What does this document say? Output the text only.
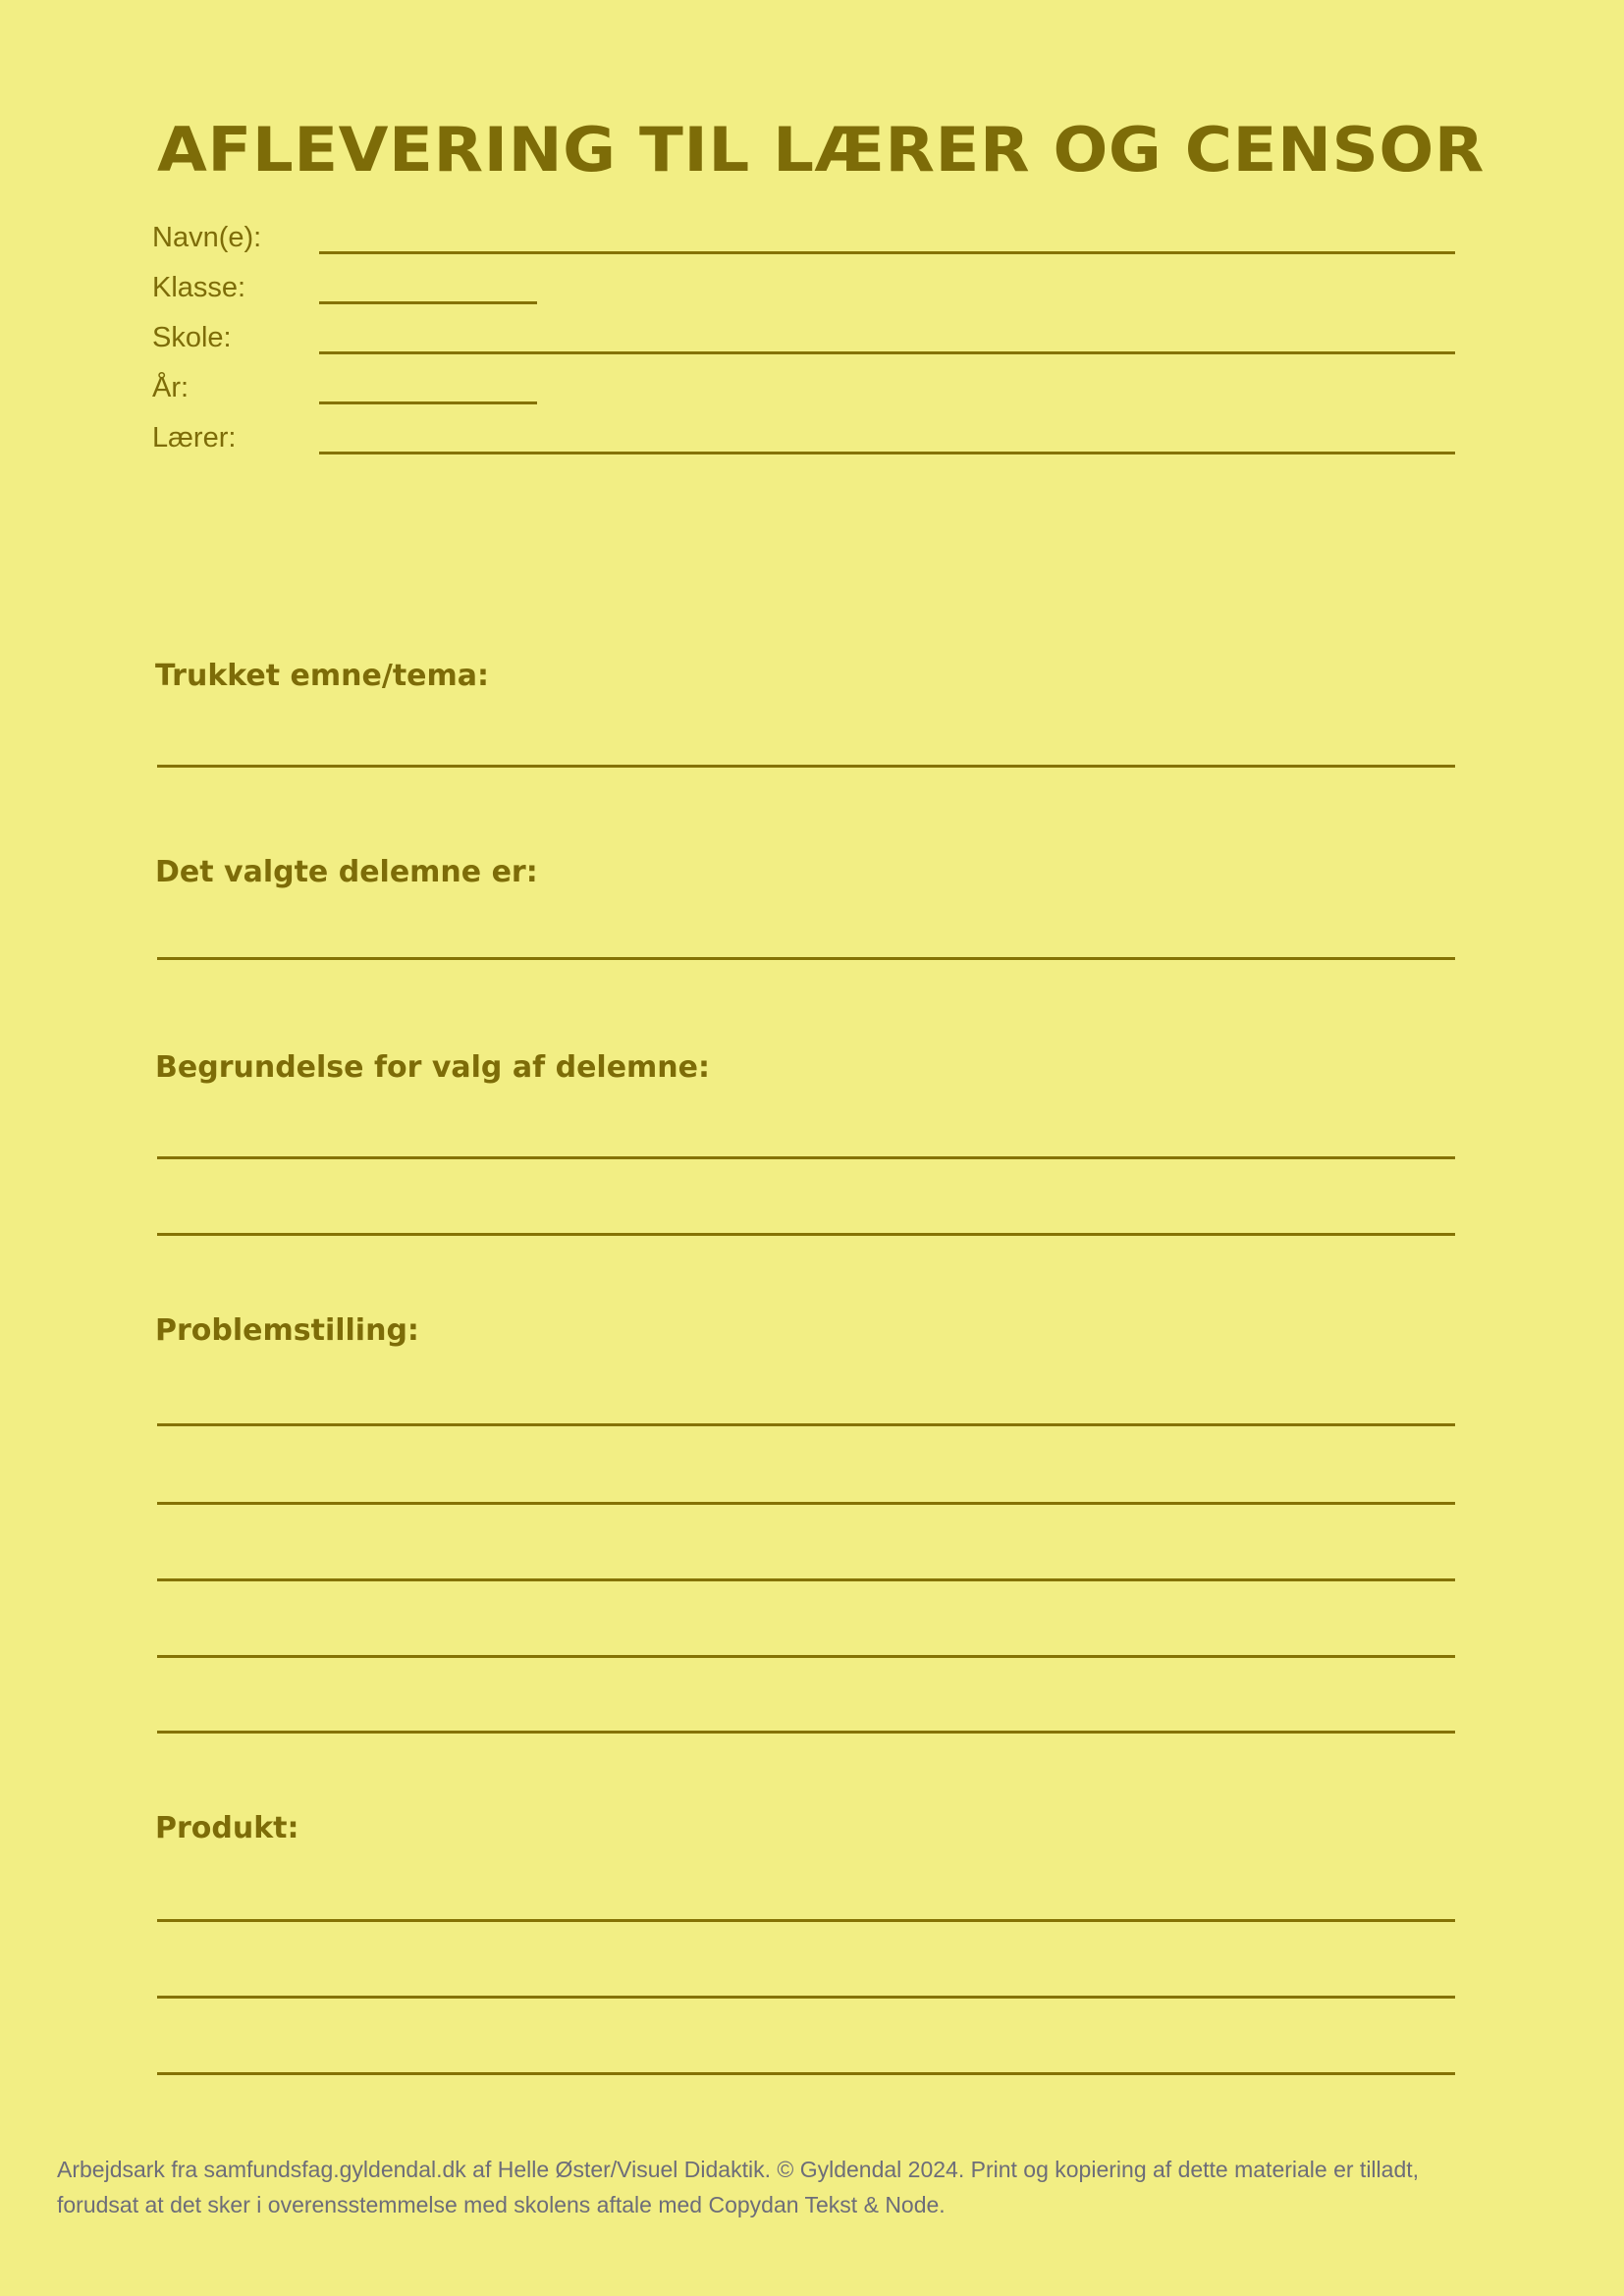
AFLEVERING TIL LÆRER OG CENSOR
Navn(e):
Klasse:
Skole:
År:
Lærer:
Trukket emne/tema:
Det valgte delemne er:
Begrundelse for valg af delemne:
Problemstilling:
Produkt:
Arbejdsark fra samfundsfag.gyldendal.dk af Helle Øster/Visuel Didaktik. © Gyldendal 2024. Print og kopiering af dette materiale er tilladt,
forudsat at det sker i overensstemmelse med skolens aftale med Copydan Tekst & Node.
